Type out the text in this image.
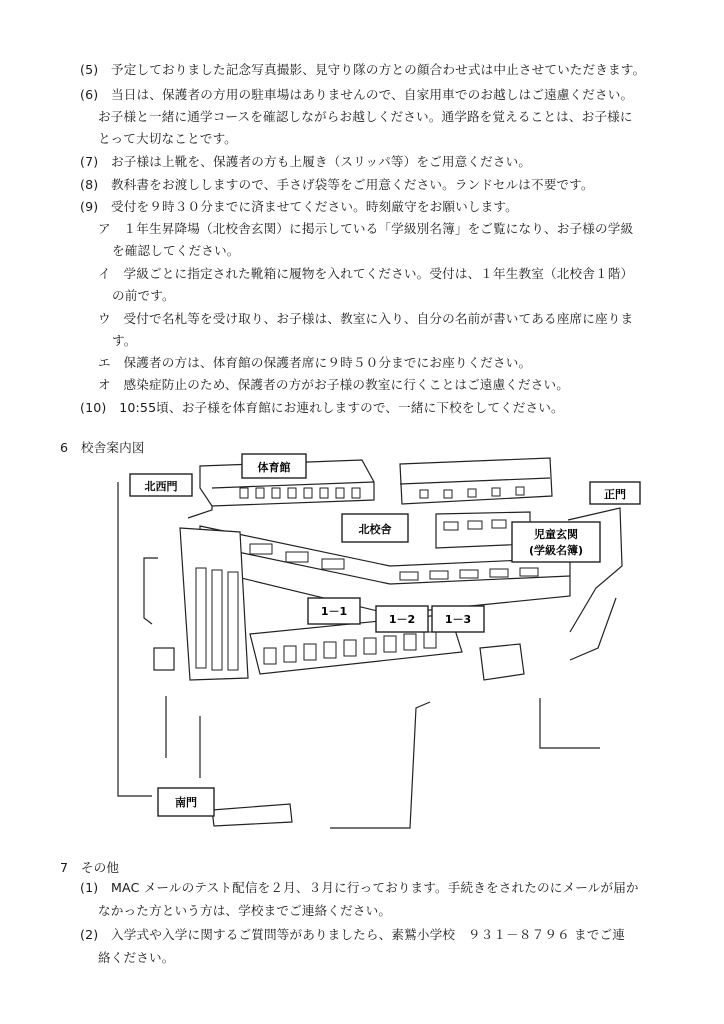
(5)　予定しておりました記念写真撮影、見守り隊の方との顔合わせ式は中止させていただきます。
(6)　当日は、保護者の方用の駐車場はありませんので、自家用車でのお越しはご遠慮ください。
お子様と一緒に通学コースを確認しながらお越しください。通学路を覚えることは、お子様に
とって大切なことです。
(7)　お子様は上靴を、保護者の方も上履き（スリッパ等）をご用意ください。
(8)　教科書をお渡ししますので、手さげ袋等をご用意ください。ランドセルは不要です。
(9)　受付を９時３０分までに済ませてください。時刻厳守をお願いします。
ア　１年生昇降場（北校舎玄関）に掲示している「学級別名簿」をご覧になり、お子様の学級
を確認してください。
イ　学級ごとに指定された靴箱に履物を入れてください。受付は、１年生教室（北校舎１階）
の前です。
ウ　受付で名札等を受け取り、お子様は、教室に入り、自分の名前が書いてある座席に座りま
す。
エ　保護者の方は、体育館の保護者席に９時５０分までにお座りください。
オ　感染症防止のため、保護者の方がお子様の教室に行くことはご遠慮ください。
(10)　10:55頃、お子様を体育館にお連れしますので、一緒に下校をしてください。
6　校舎案内図
体育館
北西門
正門
北校舎	児童玄関
(学級名簿)
1－1
1－2	1－3
南門
7　その他
(1)　MAC メールのテスト配信を２月、３月に行っております。手続きをされたのにメールが届か
なかった方という方は、学校までご連絡ください。
(2)　入学式や入学に関するご質問等がありましたら、素鷲小学校　９３１－８７９６ までご連
絡ください。
